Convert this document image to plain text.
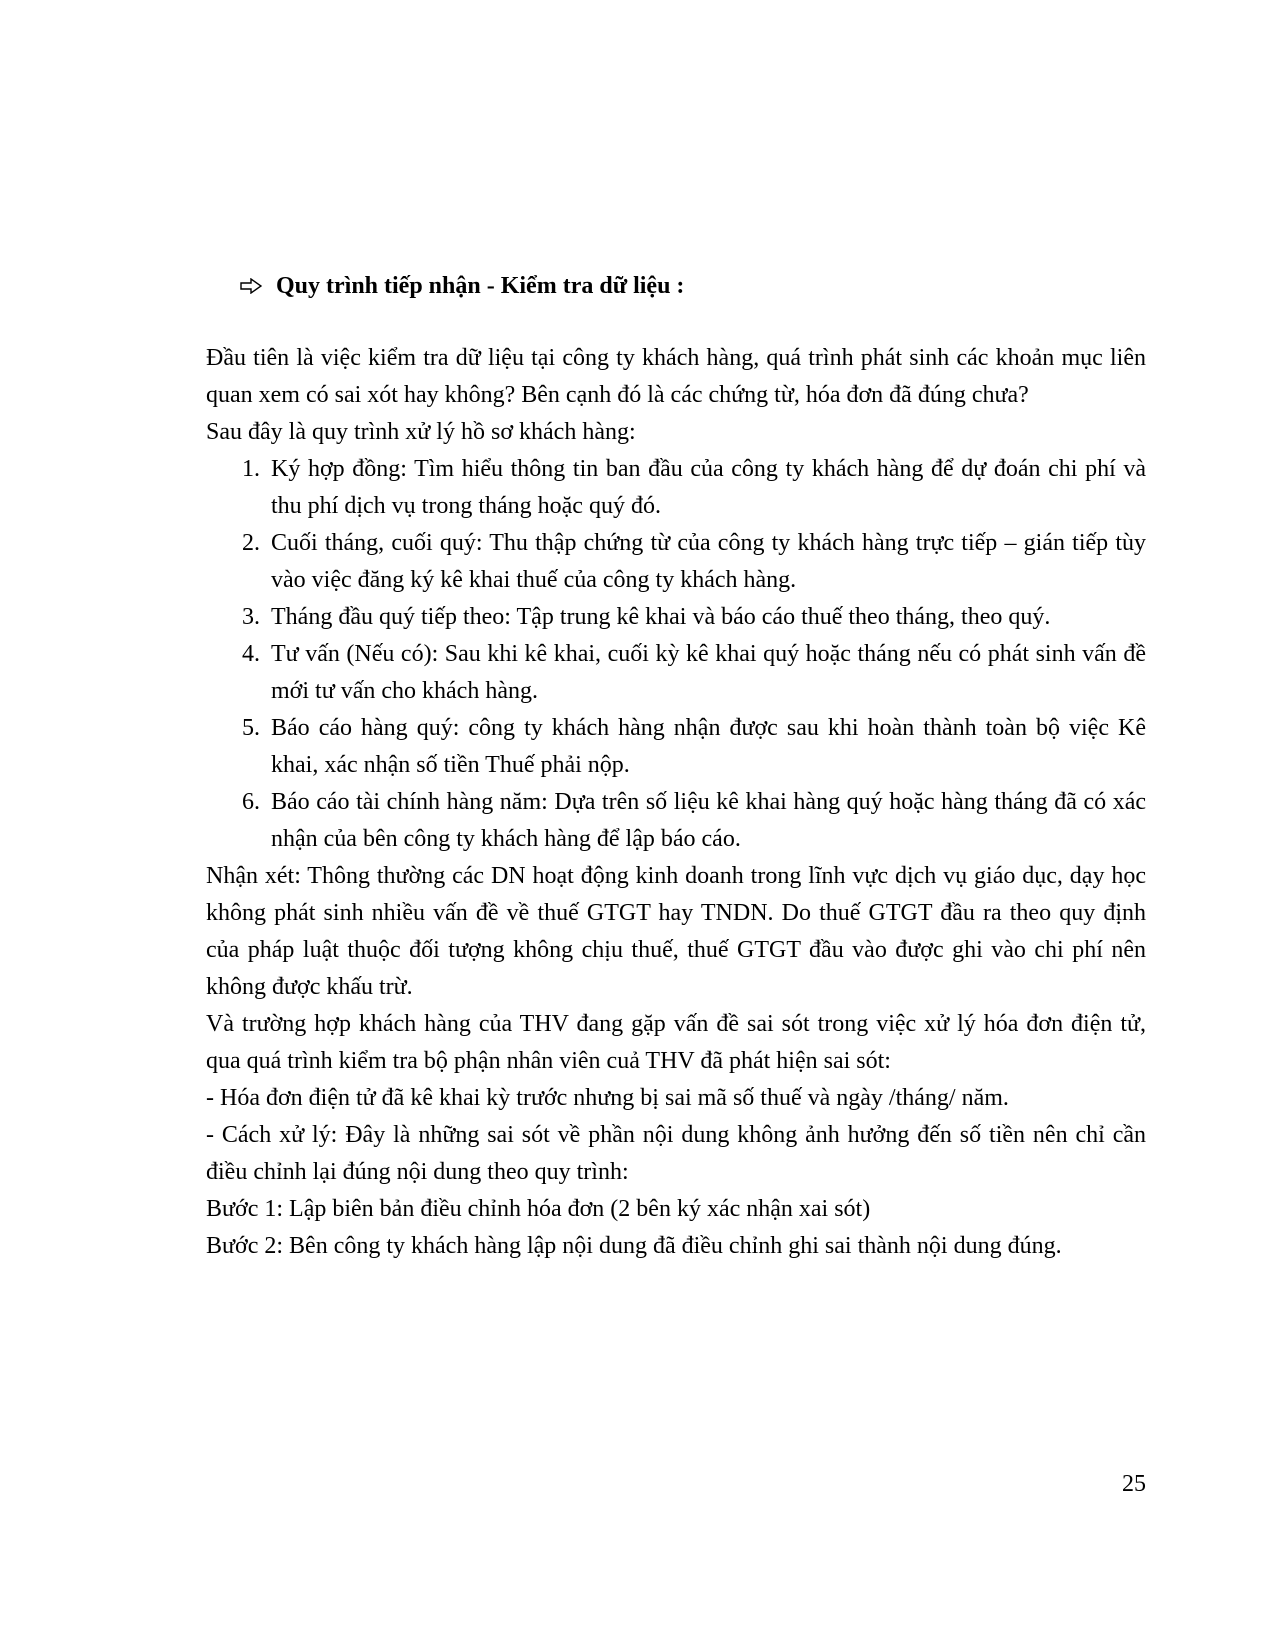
Quy trình tiếp nhận - Kiểm tra dữ liệu :

Đầu tiên là việc kiểm tra dữ liệu tại công ty khách hàng, quá trình phát sinh các khoản mục liên quan xem có sai xót hay không? Bên cạnh đó là các chứng từ, hóa đơn đã đúng chưa?

Sau đây là quy trình xử lý hồ sơ khách hàng:

1. Ký hợp đồng: Tìm hiểu thông tin ban đầu của công ty khách hàng để dự đoán chi phí và thu phí dịch vụ trong tháng hoặc quý đó.
2. Cuối tháng, cuối quý: Thu thập chứng từ của công ty khách hàng trực tiếp – gián tiếp tùy vào việc đăng ký kê khai thuế của công ty khách hàng.
3. Tháng đầu quý tiếp theo: Tập trung kê khai và báo cáo thuế theo tháng, theo quý.
4. Tư vấn (Nếu có): Sau khi kê khai, cuối kỳ kê khai quý hoặc tháng nếu có phát sinh vấn đề mới tư vấn cho khách hàng.
5. Báo cáo hàng quý: công ty khách hàng nhận được sau khi hoàn thành toàn bộ việc Kê khai, xác nhận số tiền Thuế phải nộp.
6. Báo cáo tài chính hàng năm: Dựa trên số liệu kê khai hàng quý hoặc hàng tháng đã có xác nhận của bên công ty khách hàng để lập báo cáo.

Nhận xét: Thông thường các DN hoạt động kinh doanh trong lĩnh vực dịch vụ giáo dục, dạy học không phát sinh nhiều vấn đề về thuế GTGT hay TNDN. Do thuế GTGT đầu ra theo quy định của pháp luật thuộc đối tượng không chịu thuế, thuế GTGT đầu vào được ghi vào chi phí nên không được khấu trừ.

Và trường hợp khách hàng của THV đang gặp vấn đề sai sót trong việc xử lý hóa đơn điện tử, qua quá trình kiểm tra bộ phận nhân viên cuả THV đã phát hiện sai sót:

- Hóa đơn điện tử đã kê khai kỳ trước nhưng bị sai mã số thuế và ngày /tháng/ năm.

- Cách xử lý: Đây là những sai sót về phần nội dung không ảnh hưởng đến số tiền nên chỉ cần điều chỉnh lại đúng nội dung theo quy trình:

Bước 1: Lập biên bản điều chỉnh hóa đơn (2 bên ký xác nhận xai sót)

Bước 2: Bên công ty khách hàng lập nội dung đã điều chỉnh ghi sai thành nội dung đúng.

25
